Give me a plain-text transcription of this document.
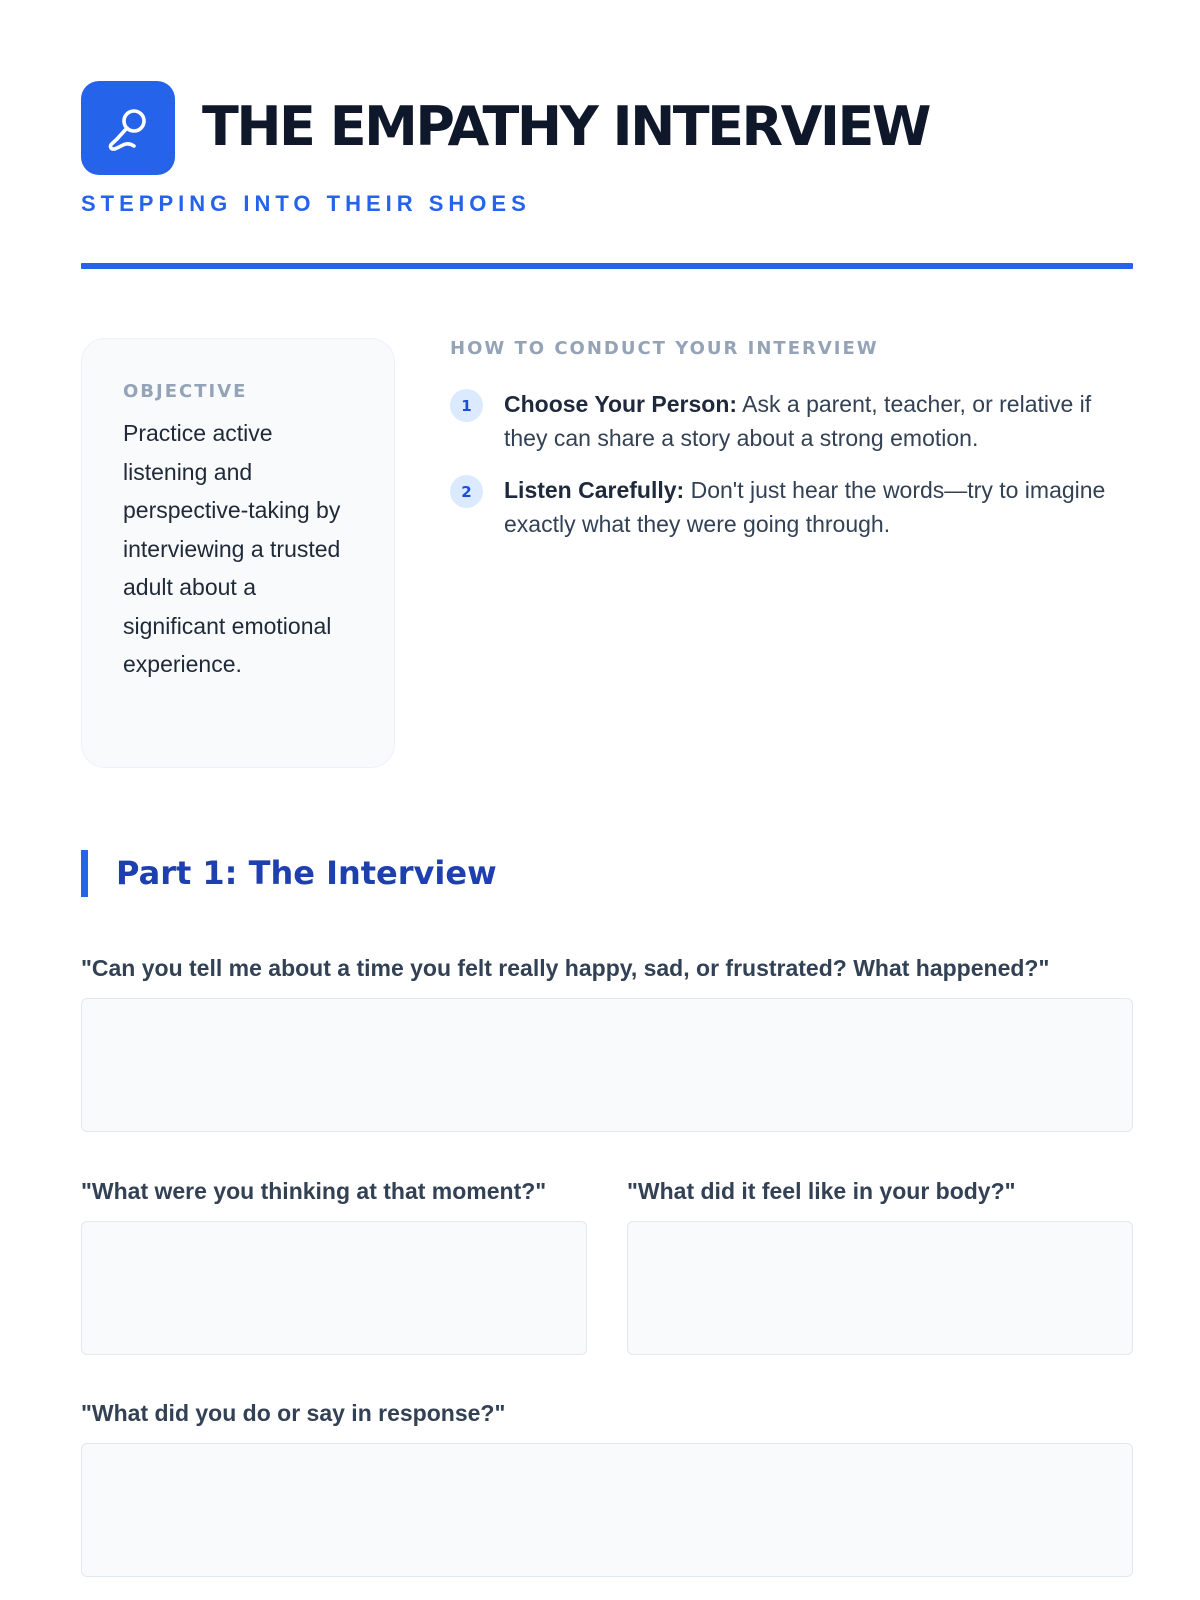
THE EMPATHY INTERVIEW

STEPPING INTO THEIR SHOES

OBJECTIVE

Practice active listening and perspective-taking by interviewing a trusted adult about a significant emotional experience.

HOW TO CONDUCT YOUR INTERVIEW

1	Choose Your Person: Ask a parent, teacher, or relative if they can share a story about a strong emotion.
2	Listen Carefully: Don't just hear the words—try to imagine exactly what they were going through.
Part 1: The Interview

"Can you tell me about a time you felt really happy, sad, or frustrated? What happened?"

"What were you thinking at that moment?"	"What did it feel like in your body?"

"What did you do or say in response?"
